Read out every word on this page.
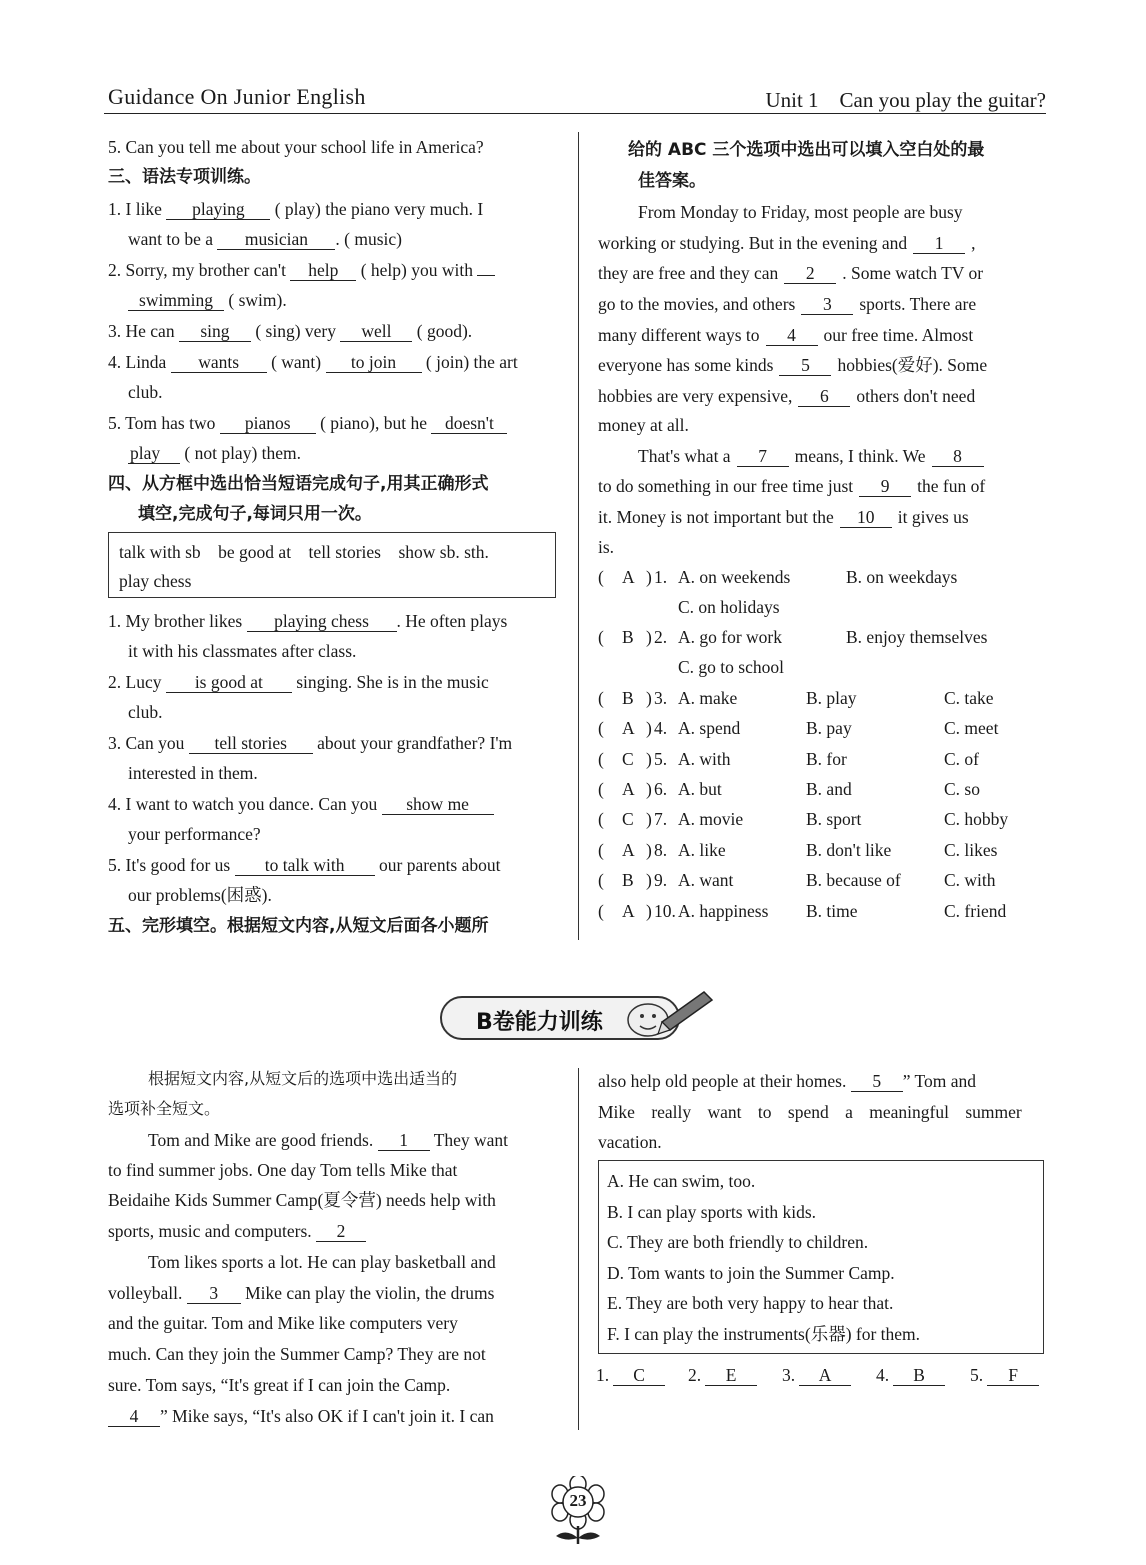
Guidance On Junior English	Unit 1    Can you play the guitar?
5. Can you tell me about your school life in America?
三、语法专项训练。
1. I like playing ( play) the piano very much. I
want to be a musician . ( music)
2. Sorry, my brother can't help ( help) you with
swimming ( swim).
3. He can sing ( sing) very well ( good).
4. Linda wants ( want) to join ( join) the art
club.
5. Tom has two pianos ( piano), but he doesn't
play ( not play) them.
四、从方框中选出恰当短语完成句子,用其正确形式
填空,完成句子,每词只用一次。
talk with sb    be good at    tell stories    show sb. sth.
play chess
1. My brother likes playing chess . He often plays
it with his classmates after class.
2. Lucy is good at singing. She is in the music
club.
3. Can you tell stories about your grandfather? I'm
interested in them.
4. I want to watch you dance. Can you show me
your performance?
5. It's good for us to talk with our parents about
our problems(困惑).
五、完形填空。根据短文内容,从短文后面各小题所
给的 ABC 三个选项中选出可以填入空白处的最
佳答案。
From Monday to Friday, most people are busy
working or studying. But in the evening and 1 ,
they are free and they can 2 . Some watch TV or
go to the movies, and others 3 sports. There are
many different ways to 4 our free time. Almost
everyone has some kinds 5 hobbies(爱好). Some
hobbies are very expensive, 6 others don't need
money at all.
That's what a 7 means, I think. We 8
to do something in our free time just 9 the fun of
it. Money is not important but the 10 it gives us
is.
( A ) 1. A. on weekends	B. on weekdays
C. on holidays
( B ) 2. A. go for work	B. enjoy themselves
C. go to school
( B ) 3. A. make	B. play	C. take
( A ) 4. A. spend	B. pay	C. meet
( C ) 5. A. with	B. for	C. of
( A ) 6. A. but	B. and	C. so
( C ) 7. A. movie	B. sport	C. hobby
( A ) 8. A. like	B. don't like	C. likes
( B ) 9. A. want	B. because of C. with
( A ) 10. A. happiness B. time	C. friend
B卷能力训练
根据短文内容,从短文后的选项中选出适当的
选项补全短文。
Tom and Mike are good friends. 1 They want
to find summer jobs. One day Tom tells Mike that
Beidaihe Kids Summer Camp(夏令营) needs help with
sports, music and computers. 2
Tom likes sports a lot. He can play basketball and
volleyball. 3 Mike can play the violin, the drums
and the guitar. Tom and Mike like computers very
much. Can they join the Summer Camp? They are not
sure. Tom says, “It's great if I can join the Camp.
4 ” Mike says, “It's also OK if I can't join it. I can
also help old people at their homes. 5 ” Tom and
Mike really want to spend a meaningful summer
vacation.
A. He can swim, too.
B. I can play sports with kids.
C. They are both friendly to children.
D. Tom wants to join the Summer Camp.
E. They are both very happy to hear that.
F. I can play the instruments(乐器) for them.
1. C	2. E	3. A	4. B	5. F
23
